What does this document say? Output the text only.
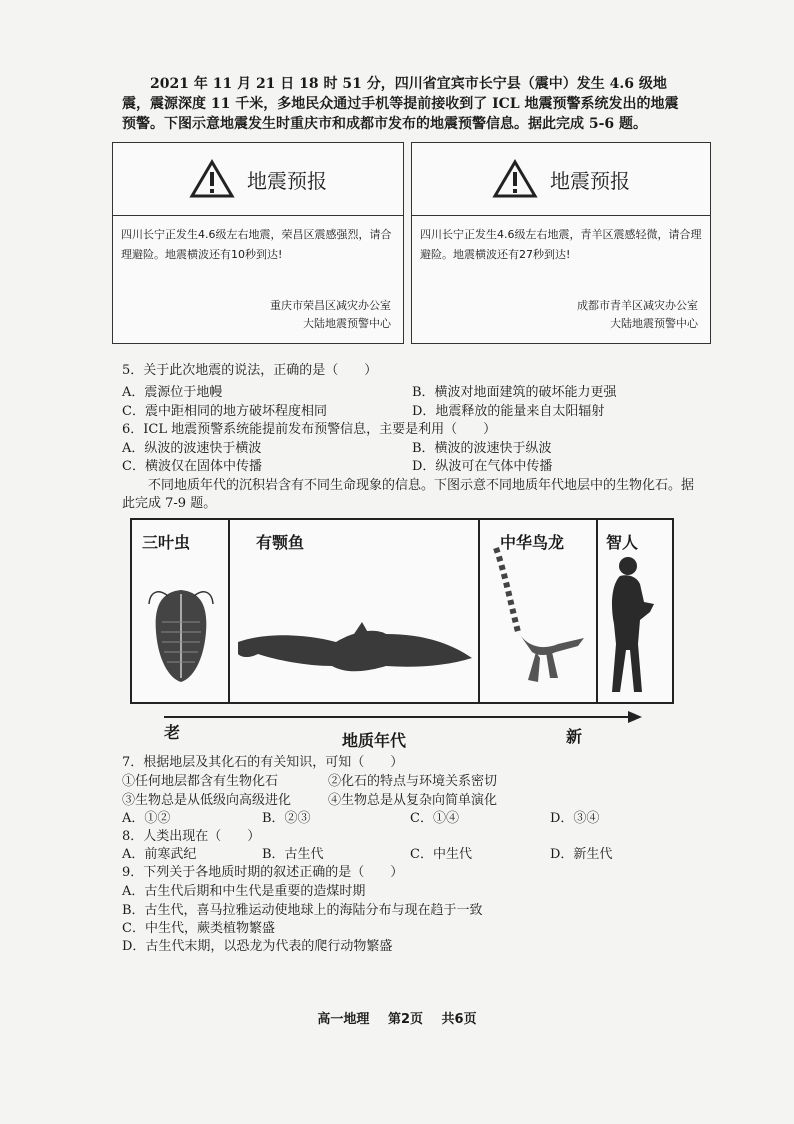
2021 年 11 月 21 日 18 时 51 分，四川省宜宾市长宁县（震中）发生 4.6 级地震，震源深度 11 千米，多地民众通过手机等提前接收到了 ICL 地震预警系统发出的地震预警。下图示意地震发生时重庆市和成都市发布的地震预警信息。据此完成 5-6 题。
地震预报
四川长宁正发生4.6级左右地震，荣昌区震感强烈，请合理避险。地震横波还有10秒到达!
重庆市荣昌区减灾办公室
大陆地震预警中心
地震预报
四川长宁正发生4.6级左右地震，青羊区震感轻微，请合理避险。地震横波还有27秒到达!
成都市青羊区减灾办公室
大陆地震预警中心
5．关于此次地震的说法，正确的是（　　）
A．震源位于地幔	B．横波对地面建筑的破坏能力更强
C．震中距相同的地方破坏程度相同	D．地震释放的能量来自太阳辐射
6．ICL 地震预警系统能提前发布预警信息，主要是利用（　　）
A．纵波的波速快于横波	B．横波的波速快于纵波
C．横波仅在固体中传播	D．纵波可在气体中传播
不同地质年代的沉积岩含有不同生命现象的信息。下图示意不同地质年代地层中的生物化石。据此完成 7-9 题。
三叶虫	有颚鱼	中华鸟龙	智人
老	地质年代	新
7．根据地层及其化石的有关知识，可知（　　）
①任何地层都含有生物化石	②化石的特点与环境关系密切
③生物总是从低级向高级进化	④生物总是从复杂向简单演化
A．①②	B．②③	C．①④	D．③④
8．人类出现在（　　）
A．前寒武纪	B．古生代	C．中生代	D．新生代
9．下列关于各地质时期的叙述正确的是（　　）
A．古生代后期和中生代是重要的造煤时期
B．古生代，喜马拉雅运动使地球上的海陆分布与现在趋于一致
C．中生代，蕨类植物繁盛
D．古生代末期，以恐龙为代表的爬行动物繁盛
高一地理 第2页 共6页
